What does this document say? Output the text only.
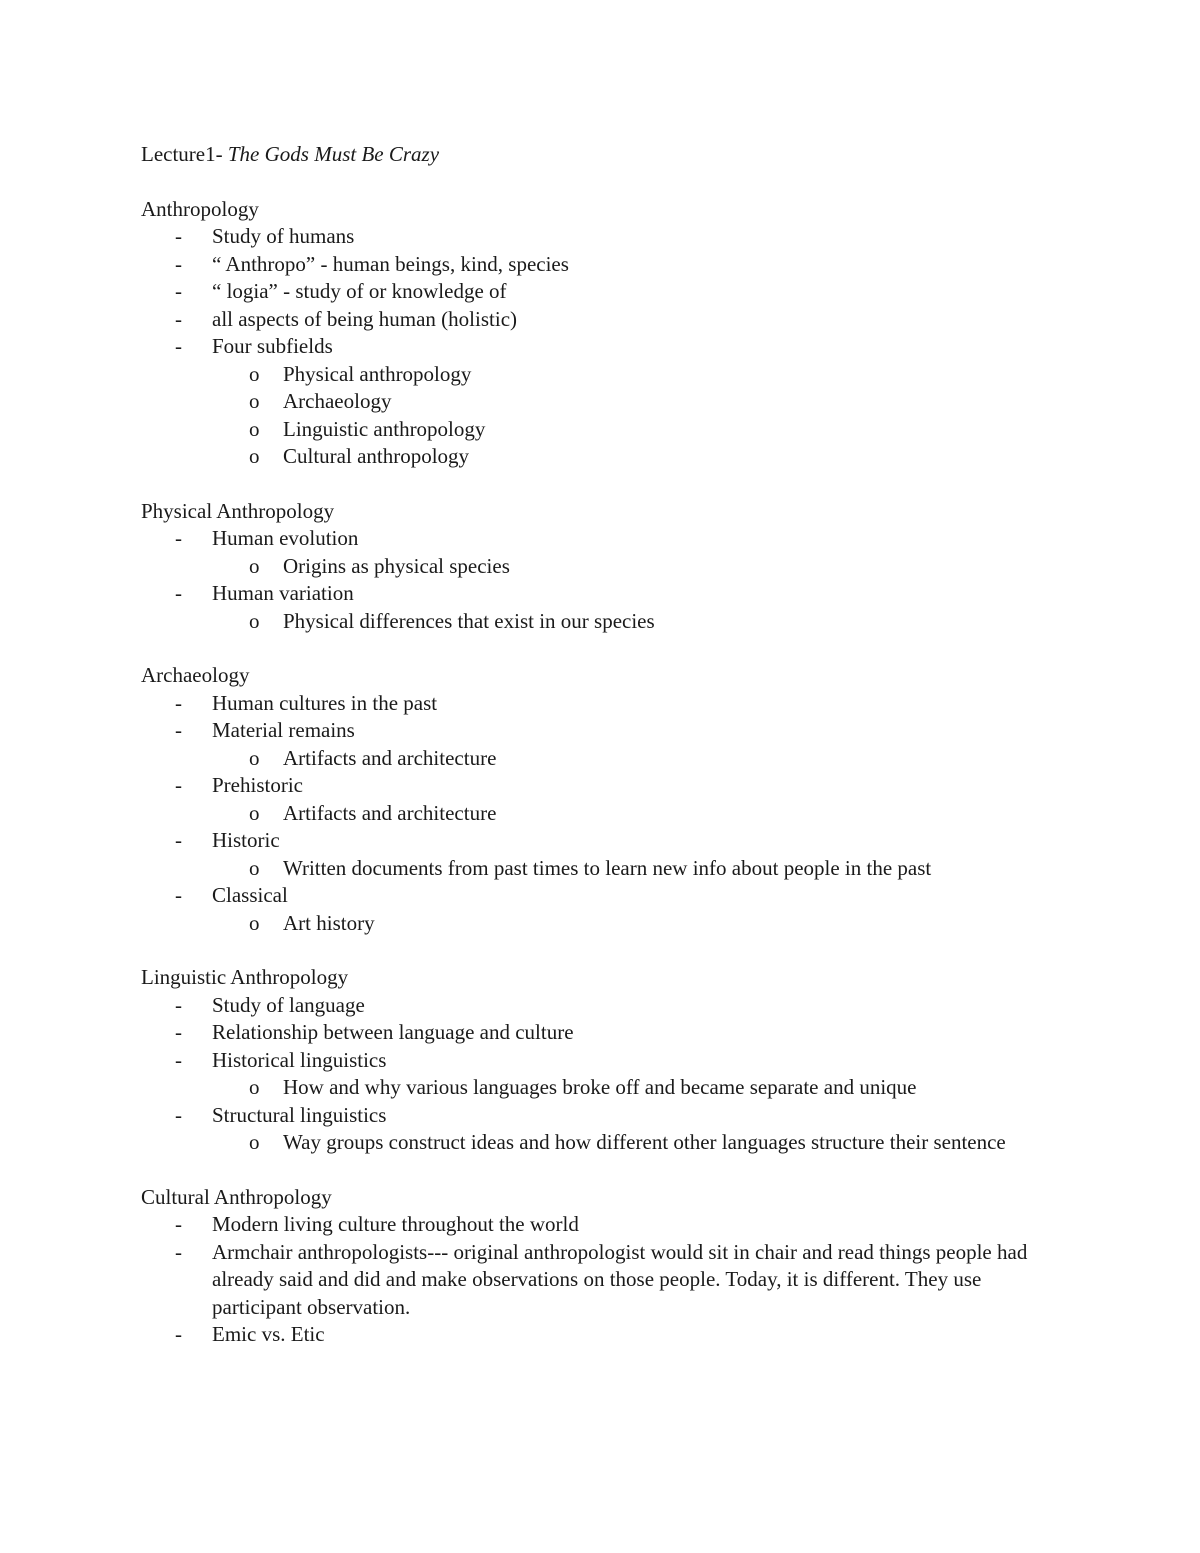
Lecture1- The Gods Must Be Crazy

Anthropology

- Study of humans
- “ Anthropo” - human beings, kind, species
- “ logia” - study of or knowledge of
- all aspects of being human (holistic)
- Four subfields
o Physical anthropology
o Archaeology
o Linguistic anthropology
o Cultural anthropology

Physical Anthropology

- Human evolution
o Origins as physical species
- Human variation
o Physical differences that exist in our species

Archaeology

- Human cultures in the past
- Material remains
o Artifacts and architecture
- Prehistoric
o Artifacts and architecture
- Historic
o Written documents from past times to learn new info about people in the past
- Classical
o Art history

Linguistic Anthropology

- Study of language
- Relationship between language and culture
- Historical linguistics
o How and why various languages broke off and became separate and unique
- Structural linguistics
o Way groups construct ideas and how different other languages structure their sentence

Cultural Anthropology

- Modern living culture throughout the world
- Armchair anthropologists--- original anthropologist would sit in chair and read things people had already said and did and make observations on those people. Today, it is different. They use participant observation.
- Emic vs. Etic
